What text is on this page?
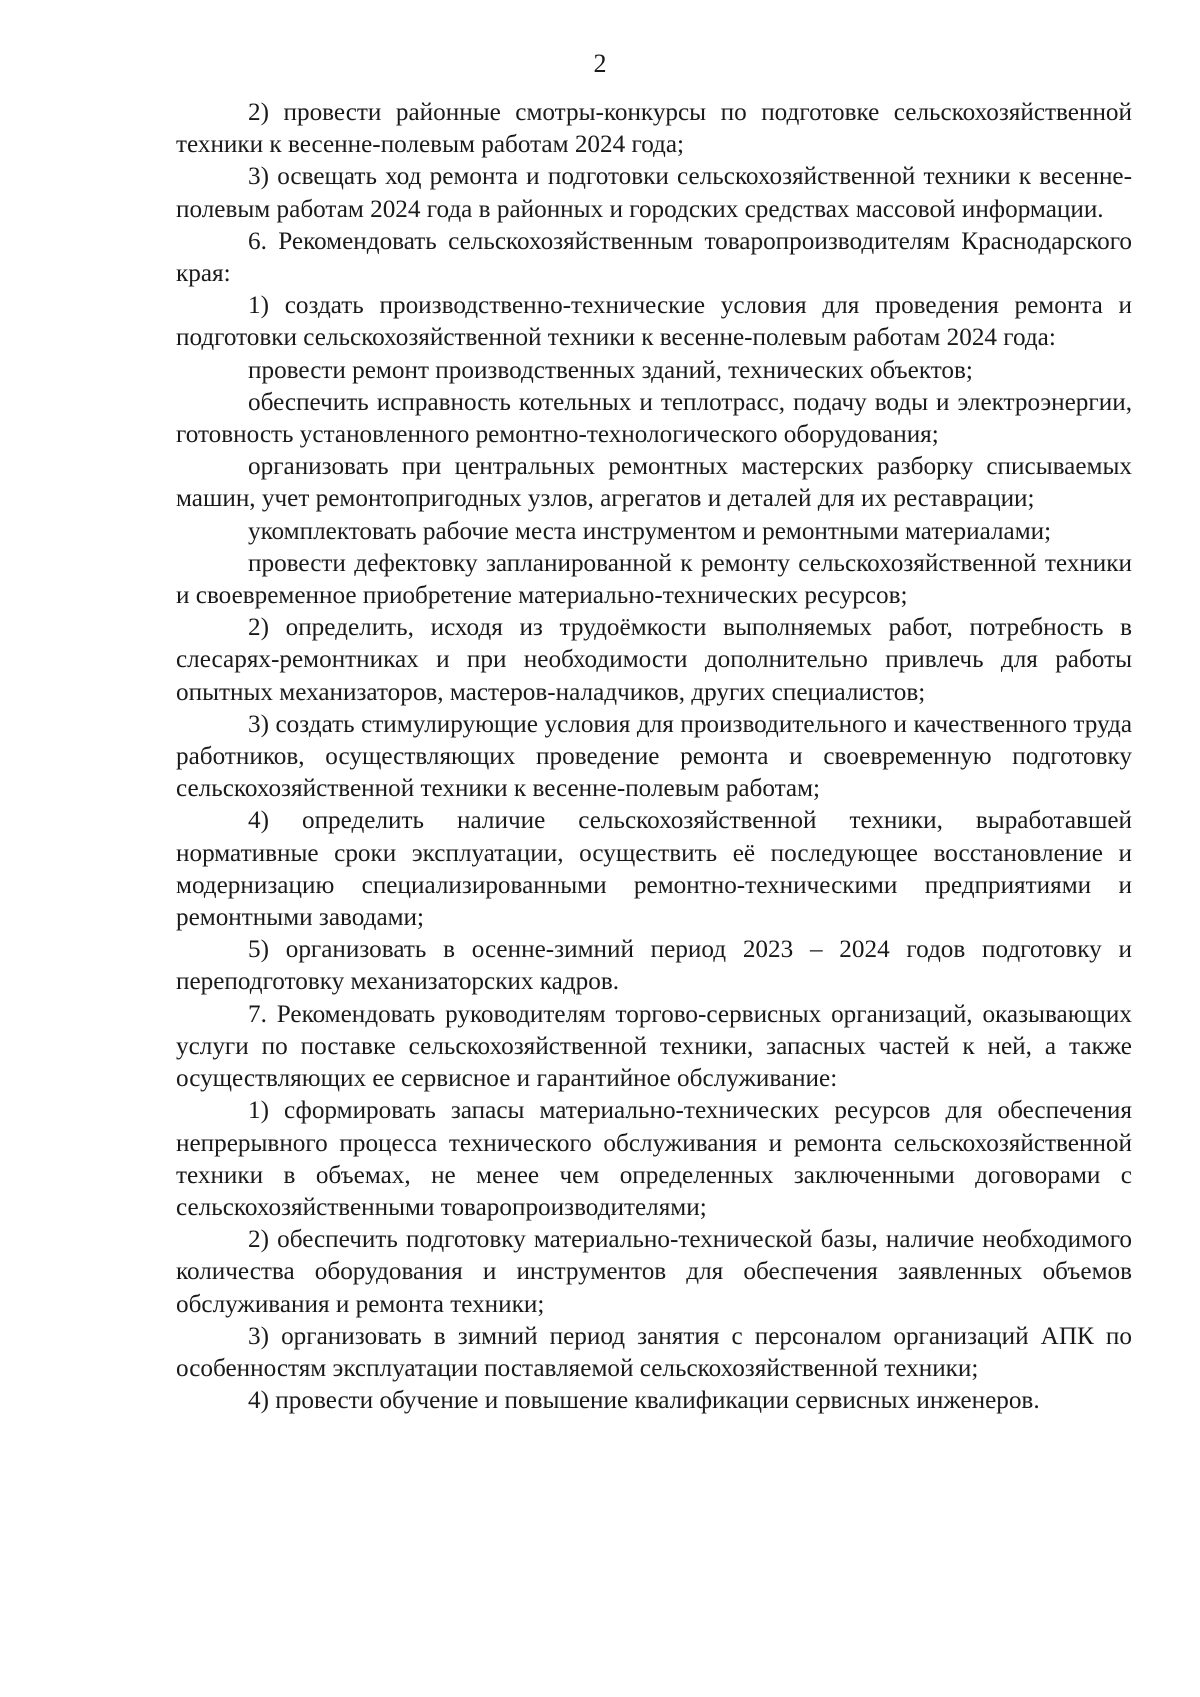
2

2) провести районные смотры-конкурсы по подготовке сельскохозяйственной техники к весенне-полевым работам 2024 года;

3) освещать ход ремонта и подготовки сельскохозяйственной техники к весенне-полевым работам 2024 года в районных и городских средствах массовой информации.

6. Рекомендовать сельскохозяйственным товаропроизводителям Краснодарского края:

1) создать производственно-технические условия для проведения ремонта и подготовки сельскохозяйственной техники к весенне-полевым работам 2024 года:

провести ремонт производственных зданий, технических объектов;

обеспечить исправность котельных и теплотрасс, подачу воды и электроэнергии, готовность установленного ремонтно-технологического оборудования;

организовать при центральных ремонтных мастерских разборку списываемых машин, учет ремонтопригодных узлов, агрегатов и деталей для их реставрации;

укомплектовать рабочие места инструментом и ремонтными материалами;

провести дефектовку запланированной к ремонту сельскохозяйственной техники и своевременное приобретение материально-технических ресурсов;

2) определить, исходя из трудоёмкости выполняемых работ, потребность в слесарях-ремонтниках и при необходимости дополнительно привлечь для работы опытных механизаторов, мастеров-наладчиков, других специалистов;

3) создать стимулирующие условия для производительного и качественного труда работников, осуществляющих проведение ремонта и своевременную подготовку сельскохозяйственной техники к весенне-полевым работам;

4) определить наличие сельскохозяйственной техники, выработавшей нормативные сроки эксплуатации, осуществить её последующее восстановление и модернизацию специализированными ремонтно-техническими предприятиями и ремонтными заводами;

5) организовать в осенне-зимний период 2023 – 2024 годов подготовку и переподготовку механизаторских кадров.

7. Рекомендовать руководителям торгово-сервисных организаций, оказывающих услуги по поставке сельскохозяйственной техники, запасных частей к ней, а также осуществляющих ее сервисное и гарантийное обслуживание:

1) сформировать запасы материально-технических ресурсов для обеспечения непрерывного процесса технического обслуживания и ремонта сельскохозяйственной техники в объемах, не менее чем определенных заключенными договорами с сельскохозяйственными товаропроизводителями;

2) обеспечить подготовку материально-технической базы, наличие необходимого количества оборудования и инструментов для обеспечения заявленных объемов обслуживания и ремонта техники;

3) организовать в зимний период занятия с персоналом организаций АПК по особенностям эксплуатации поставляемой сельскохозяйственной техники;

4) провести обучение и повышение квалификации сервисных инженеров.
